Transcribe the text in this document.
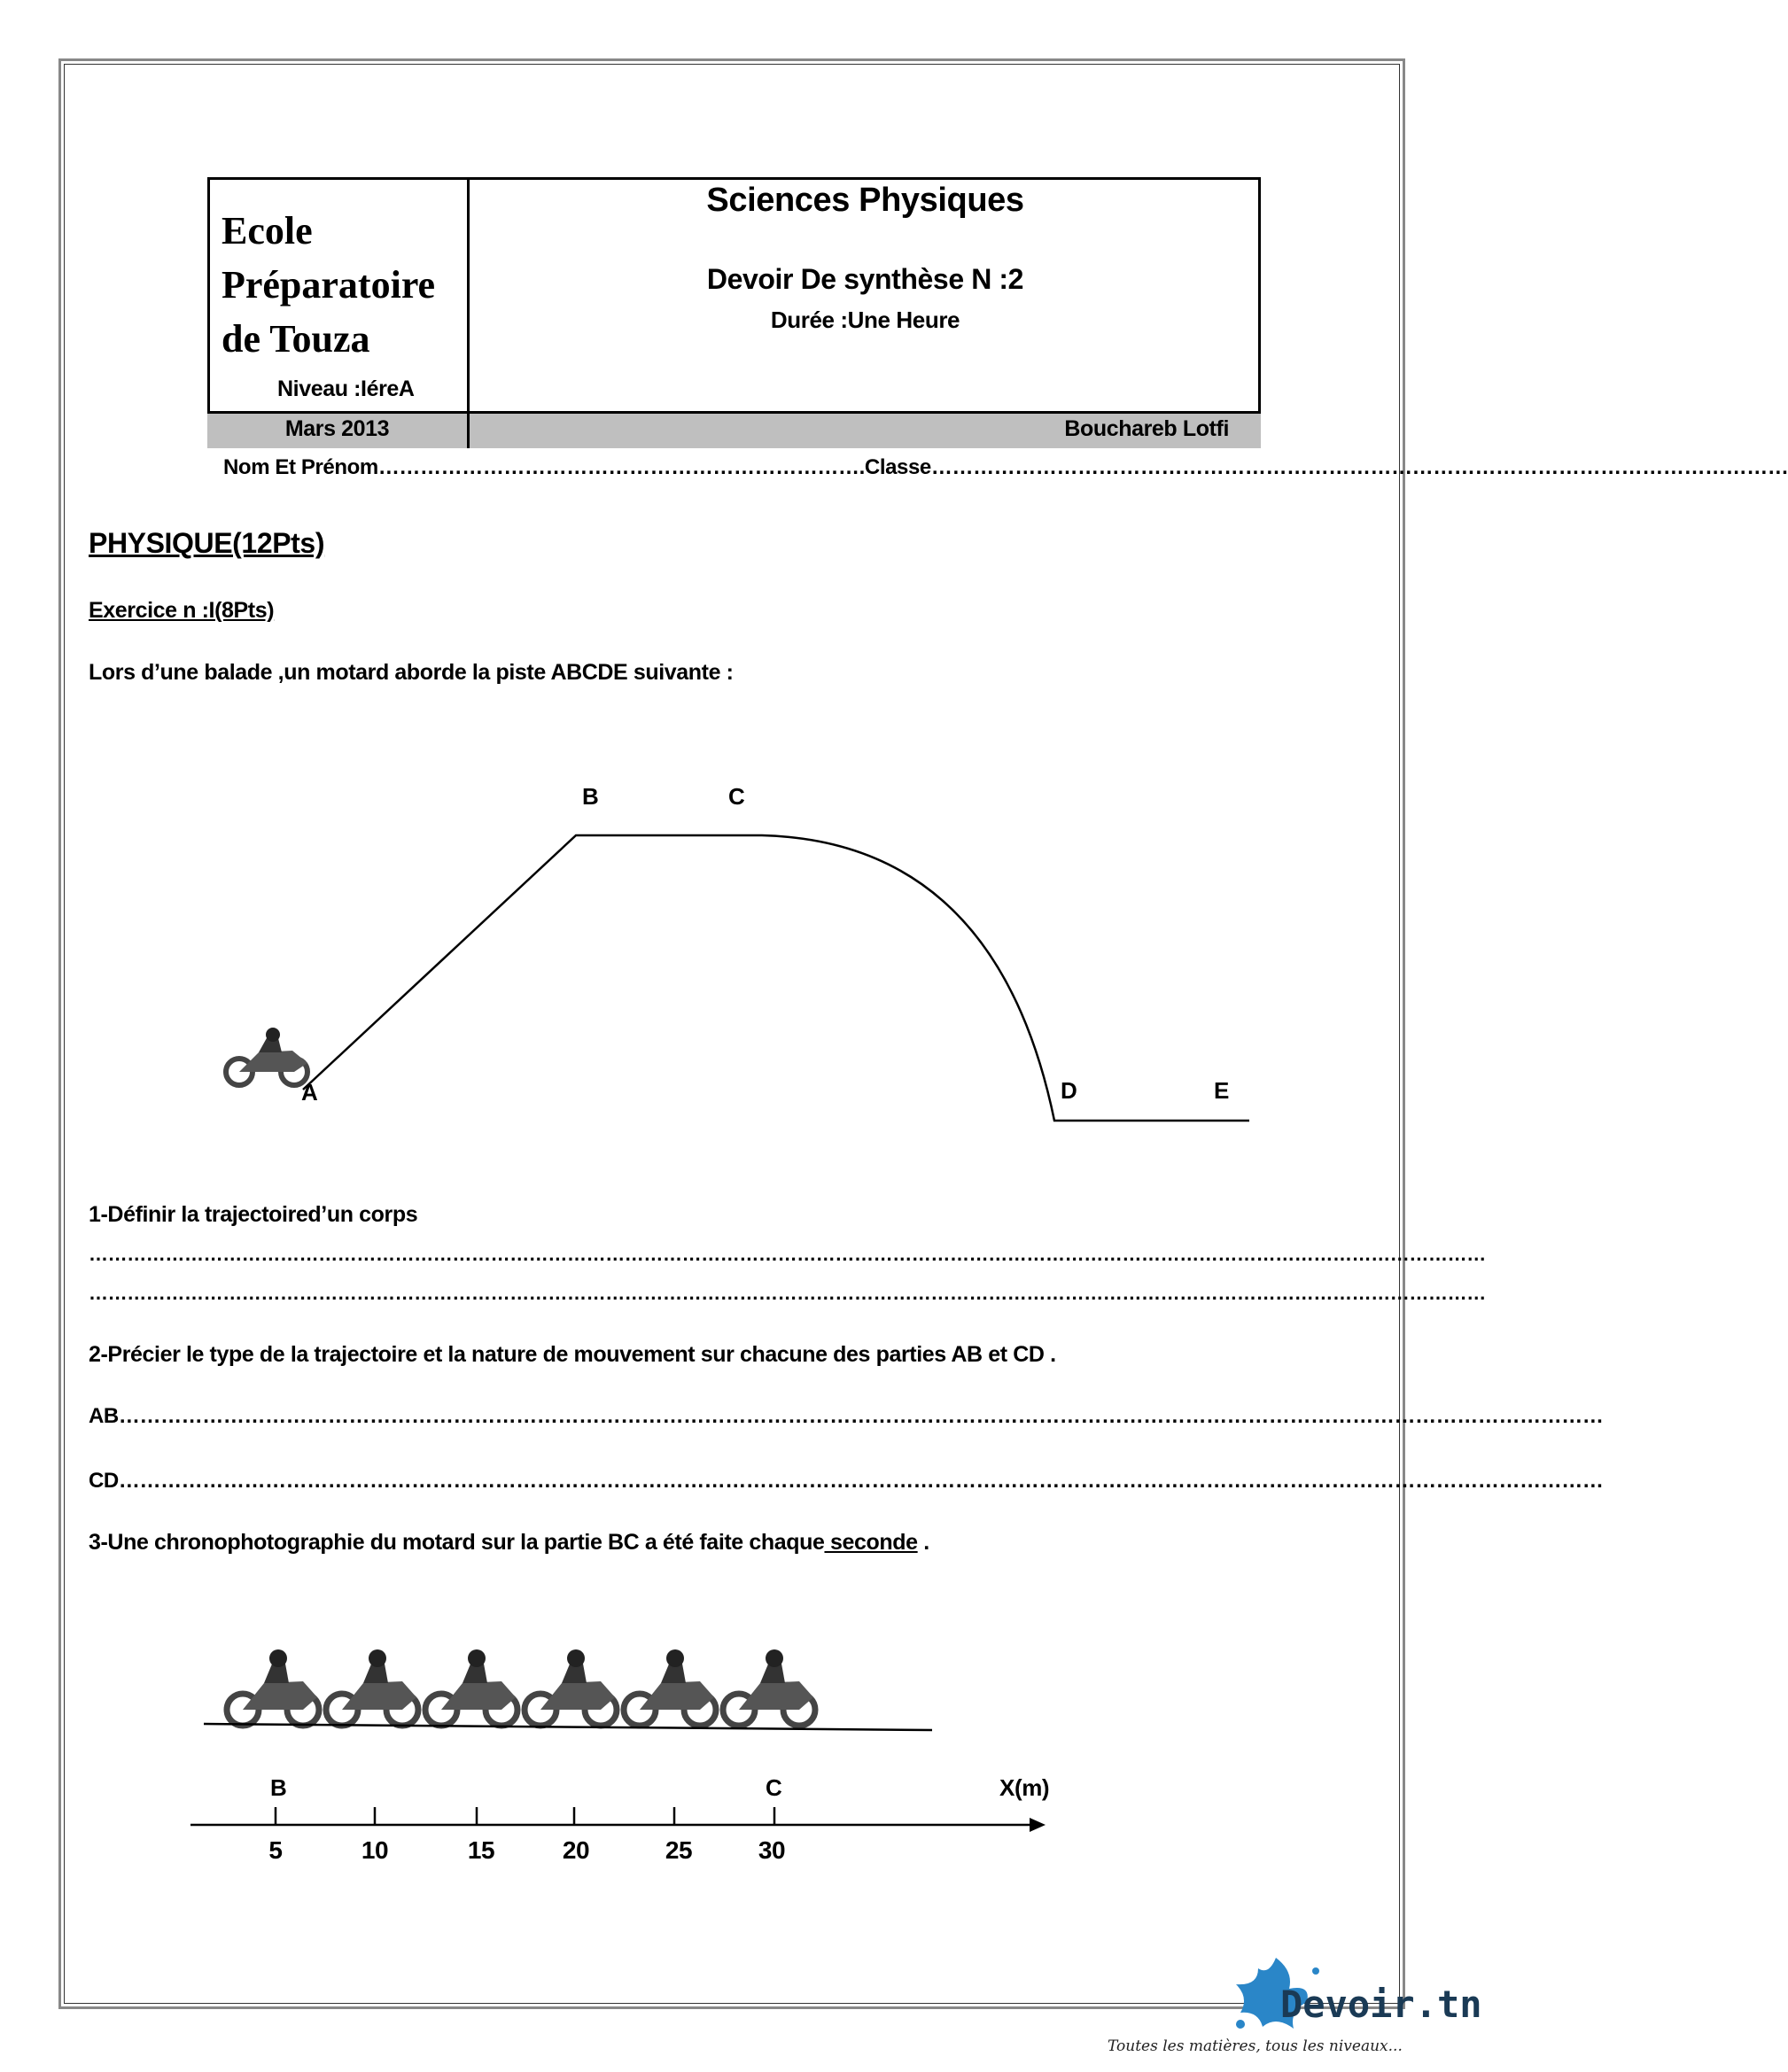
Ecole
Préparatoire
de Touza
Niveau :IéreA
Sciences Physiques
Devoir De synthèse N :2
Durée :Une Heure
Mars 2013	Bouchareb Lotfi
Nom Et Prénom…………………………………………………………….Classe……………………………………………………………………………………………………………
PHYSIQUE(12Pts)
Exercice n :I(8Pts)
Lors d’une balade ,un motard aborde la piste ABCDE suivante :
A
B	C
D	E
1-Définir la trajectoired’un corps
…………………………………………………………………………………………………………………………………………………………………………………………………
…………………………………………………………………………………………………………………………………………………………………………………………………
2-Précier le type de la trajectoire et la nature de mouvement sur chacune des parties AB et CD .
AB……………………………………………………………………………………………………………………………………………………………………………………………
CD……………………………………………………………………………………………………………………………………………………………………………………………
3-Une chronophotographie du motard sur la partie BC a été faite chaque seconde .
B	C	X(m)
5	10	15	20	25	30
Devoir.tn
Toutes les matières, tous les niveaux...
